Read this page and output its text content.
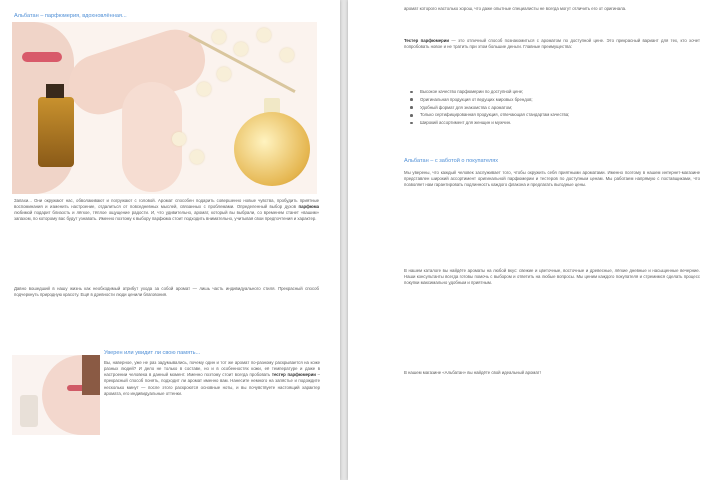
Альбатан – парфюмерия, вдохновлённая...

Запахи... Они окружают нас, обволакивают и погружают с головой. Аромат способен подарить совершенно новые чувства, пробудить приятные воспоминания и изменить настроение, отдалиться от повседневных мыслей, связанных с проблемами. Определенный выбор духов парфюма любимой подарит близость и лёгкое, тёплое ощущение радости. И, что удивительно, аромат, который вы выбрали, со временем станет «вашим» запахом, по которому вас будут узнавать. Именно поэтому к выбору парфюма стоит подходить внимательно, учитывая свои предпочтения и характер.

Давно вошедший в нашу жизнь как необходимый атрибут ухода за собой аромат — лишь часть индивидуального стиля. Прекрасный способ подчеркнуть природную красоту. Ещё в древности люди ценили благовония.

Уверен или увидит ли свою память...

Вы, наверное, уже не раз задумывались, почему один и тот же аромат по-разному раскрывается на коже разных людей? И дело не только в составе, но и в особенностях кожи, её температуре и даже в настроении человека в данный момент. Именно поэтому стоит всегда пробовать тестер парфюмерии – прекрасный способ понять, подходит ли аромат именно вам. Нанесите немного на запястье и подождите несколько минут — после этого раскроются основные ноты, и вы почувствуете настоящий характер аромата, его индивидуальные оттенки.

аромат которого настолько хорош, что даже опытные специалисты не всегда могут отличить его от оригинала.

Тестер парфюмерии — это отличный способ познакомиться с ароматом по доступной цене. Это прекрасный вариант для тех, кто хочет попробовать новое и не тратить при этом большие деньги. Главные преимущества:

Высокое качество парфюмерии по доступной цене;
Оригинальная продукция от ведущих мировых брендов;
Удобный формат для знакомства с ароматом;
Только сертифицированная продукция, отвечающая стандартам качества;
Широкий ассортимент для женщин и мужчин.
Альбатан – с заботой о покупателях

Мы уверены, что каждый человек заслуживает того, чтобы окружить себя приятными ароматами. Именно поэтому в нашем интернет-магазине представлен широкий ассортимент оригинальной парфюмерии и тестеров по доступным ценам. Мы работаем напрямую с поставщиками, что позволяет нам гарантировать подлинность каждого флакона и предлагать выгодные цены.

В нашем каталоге вы найдёте ароматы на любой вкус: свежие и цветочные, восточные и древесные, лёгкие дневные и насыщенные вечерние. Наши консультанты всегда готовы помочь с выбором и ответить на любые вопросы. Мы ценим каждого покупателя и стремимся сделать процесс покупки максимально удобным и приятным.

В нашем магазине «Альбатан» вы найдёте свой идеальный аромат!
